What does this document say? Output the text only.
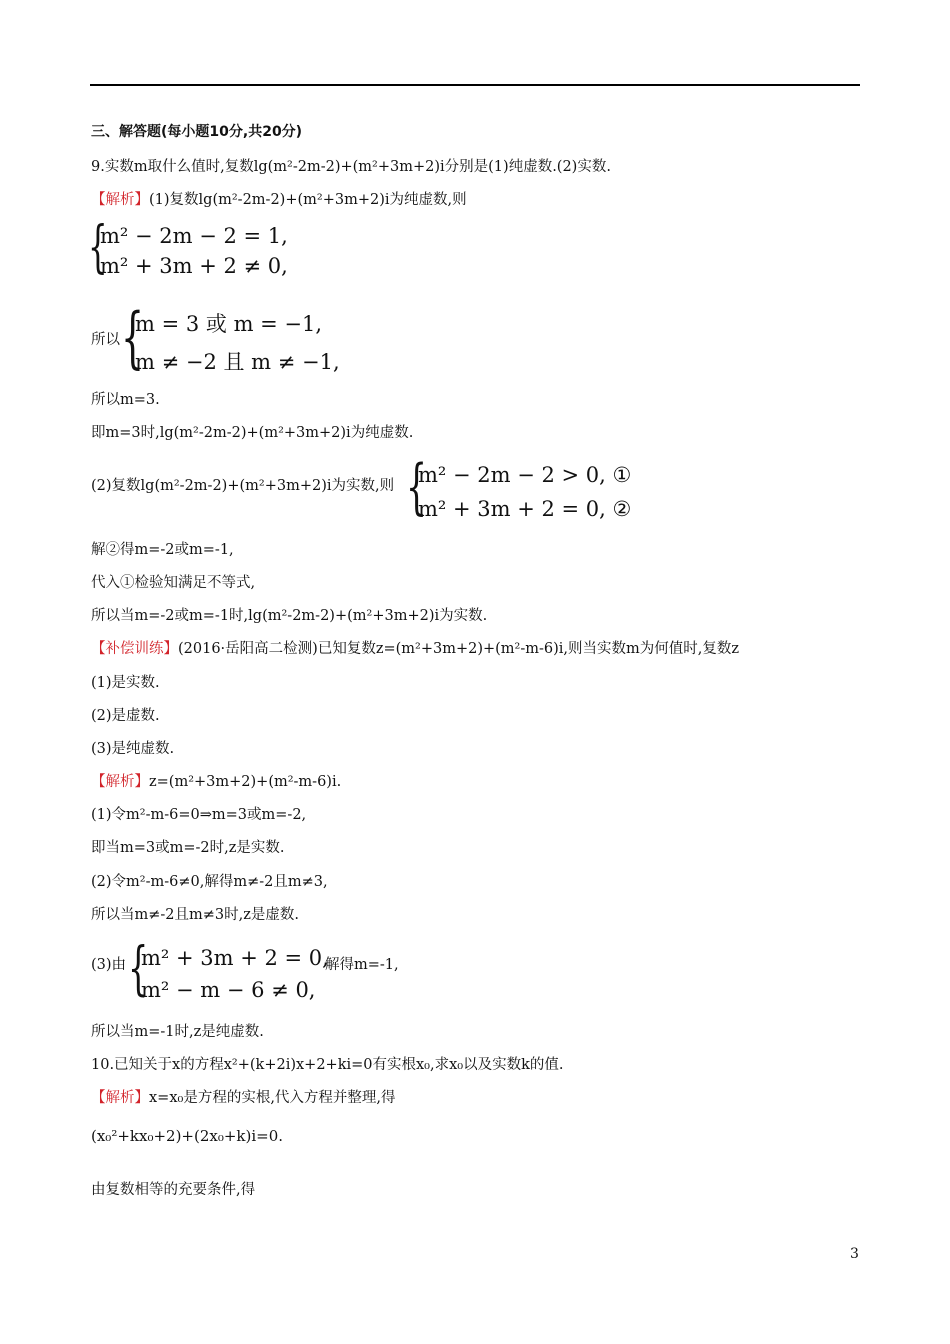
三、解答题(每小题10分,共20分)
9.实数m取什么值时,复数lg(m²-2m-2)+(m²+3m+2)i分别是(1)纯虚数.(2)实数.
【解析】(1)复数lg(m²-2m-2)+(m²+3m+2)i为纯虚数,则
{
m² − 2m − 2 = 1,
m² + 3m + 2 ≠ 0,
所以 {
m = 3 或 m = −1,
m ≠ −2 且 m ≠ −1,
所以m=3.
即m=3时,lg(m²-2m-2)+(m²+3m+2)i为纯虚数.
(2)复数lg(m²-2m-2)+(m²+3m+2)i为实数,则 {
m² − 2m − 2 > 0, ①
m² + 3m + 2 = 0, ②
解②得m=-2或m=-1,
代入①检验知满足不等式,
所以当m=-2或m=-1时,lg(m²-2m-2)+(m²+3m+2)i为实数.
【补偿训练】(2016·岳阳高二检测)已知复数z=(m²+3m+2)+(m²-m-6)i,则当实数m为何值时,复数z
(1)是实数.
(2)是虚数.
(3)是纯虚数.
【解析】z=(m²+3m+2)+(m²-m-6)i.
(1)令m²-m-6=0⇒m=3或m=-2,
即当m=3或m=-2时,z是实数.
(2)令m²-m-6≠0,解得m≠-2且m≠3,
所以当m≠-2且m≠3时,z是虚数.
(3)由 {
m² + 3m + 2 = 0,
解得m=-1,
m² − m − 6 ≠ 0,
所以当m=-1时,z是纯虚数.
10.已知关于x的方程x²+(k+2i)x+2+ki=0有实根x₀,求x₀以及实数k的值.
【解析】x=x₀是方程的实根,代入方程并整理,得
(x₀²+kx₀+2)+(2x₀+k)i=0.
由复数相等的充要条件,得
3
